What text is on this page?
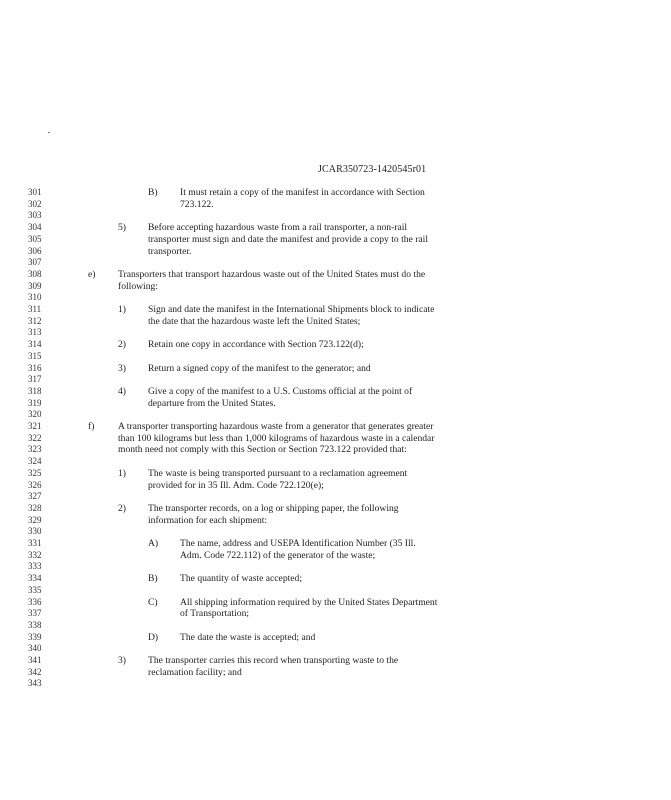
JCAR350723-1420545r01
301
302
303
304
305
306
307
308
309
310
311
312
313
314
315
316
317
318
319
320
321
322
323
324
325
326
327
328
329
330
331
332
333
334
335
336
337
338
339
340
341
342
343
B) It must retain a copy of the manifest in accordance with Section
723.122.
5) Before accepting hazardous waste from a rail transporter, a non-rail
transporter must sign and date the manifest and provide a copy to the rail
transporter.
e) Transporters that transport hazardous waste out of the United States must do the
following:
1) Sign and date the manifest in the International Shipments block to indicate
the date that the hazardous waste left the United States;
2) Retain one copy in accordance with Section 723.122(d);
3) Return a signed copy of the manifest to the generator; and
4) Give a copy of the manifest to a U.S. Customs official at the point of
departure from the United States.
f) A transporter transporting hazardous waste from a generator that generates greater
than 100 kilograms but less than 1,000 kilograms of hazardous waste in a calendar
month need not comply with this Section or Section 723.122 provided that:
1) The waste is being transported pursuant to a reclamation agreement
provided for in 35 Ill. Adm. Code 722.120(e);
2) The transporter records, on a log or shipping paper, the following
information for each shipment:
A) The name, address and USEPA Identification Number (35 Ill.
Adm. Code 722.112) of the generator of the waste;
B) The quantity of waste accepted;
C) All shipping information required by the United States Department
of Transportation;
D) The date the waste is accepted; and
3) The transporter carries this record when transporting waste to the
reclamation facility; and
